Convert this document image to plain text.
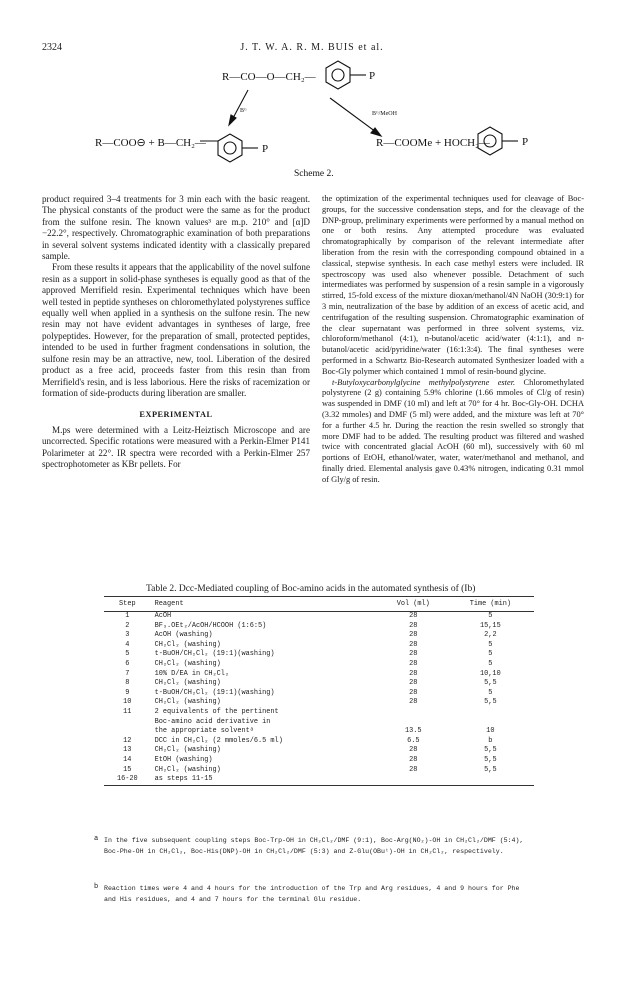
2324	J. T. W. A. R. M. BUIS et al.
R—CO—O—CH₂—	P
Bᴳ	Bᴳ/MeOH
R—COO⊖ + B—CH₂—	P	R—COOMe + HOCH₂—	P
Scheme 2.

product required 3–4 treatments for 3 min each with the basic reagent. The physical constants of the product were the same as for the product from the sulfone resin. The known values³ are m.p. 210° and [α]D −22.2°, respectively. Chromatographic examination of both preparations in several solvent systems indicated identity with a classically prepared sample.

From these results it appears that the applicability of the novel sulfone resin as a support in solid-phase syntheses is equally good as that of the approved Merrifield resin. Experimental techniques which have been well tested in peptide syntheses on chloromethylated polystyrenes suffice equally well when applied in a synthesis on the sulfone resin. The new resin may not have evident advantages in syntheses of large, free polypeptides. However, for the preparation of small, protected peptides, intended to be used in further fragment condensations in solution, the sulfone resin may be an attractive, new, tool. Liberation of the desired product as a free acid, proceeds faster from this resin than from Merrifield's resin, and is less laborious. Here the risks of racemization or formation of side-products during liberation are smaller.

EXPERIMENTAL

M.ps were determined with a Leitz-Heiztisch Microscope and are uncorrected. Specific rotations were measured with a Perkin-Elmer P141 Polarimeter at 22°. IR spectra were recorded with a Perkin-Elmer 257 spectrophotometer as KBr pellets. For

the optimization of the experimental techniques used for cleavage of Boc-groups, for the successive condensation steps, and for the cleavage of the DNP-group, preliminary experiments were performed by a manual method on one or both resins. Any attempted procedure was evaluated chromatographically by comparison of the relevant intermediate after liberation from the resin with the corresponding compound obtained in a classical, stepwise synthesis. In each case methyl esters were included. IR spectroscopy was used also whenever possible. Detachment of such intermediates was performed by suspension of a resin sample in a vigorously stirred, 15-fold excess of the mixture dioxan/methanol/4N NaOH (30:9:1) for 3 min, neutralization of the base by addition of an excess of acetic acid, and centrifugation of the resulting suspension. Chromatographic examination of the clear supernatant was performed in three solvent systems, viz. chloroform/methanol (4:1), n-butanol/acetic acid/water (4:1:1), and n-butanol/acetic acid/pyridine/water (16:1:3:4). The final syntheses were performed in a Schwartz Bio-Research automated Synthesizer loaded with a Boc-Gly polymer which contained 1 mmol of resin-bound glycine.

t-Butyloxycarbonylglycine methylpolystyrene ester. Chloromethylated polystyrene (2 g) containing 5.9% chlorine (1.66 mmoles of Cl/g of resin) was suspended in DMF (10 ml) and left at 70° for 4 hr. Boc-Gly-OH. DCHA (3.32 mmoles) and DMF (5 ml) were added, and the mixture was left at 70° for a further 4.5 hr. During the reaction the resin swelled so strongly that more DMF had to be added. The resulting product was filtered and washed twice with concentrated glacial AcOH (60 ml), successively with 60 ml portions of EtOH, ethanol/water, water, water/methanol and methanol, and finally dried. Elemental analysis gave 0.43% nitrogen, indicating 0.31 mmol of Gly/g of resin.

Table 2. Dcc-Mediated coupling of Boc-amino acids in the automated synthesis of (Ib)
Step	Reagent	Vol (ml)	Time (min)
1	AcOH	28	5
2	BF₃.OEt₂/AcOH/HCOOH (1:6:5)	28	15,15
3	AcOH (washing)	28	2,2
4	CH₂Cl₂ (washing)	28	5
5	t-BuOH/CH₂Cl₂ (19:1)(washing)	28	5
6	CH₂Cl₂ (washing)	28	5
7	10% D/EA in CH₂Cl₂	28	10,10
8	CH₂Cl₂ (washing)	28	5,5
9	t-BuOH/CH₂Cl₂ (19:1)(washing)	28	5
10	CH₂Cl₂ (washing)	28	5,5
11	2 equivalents of the pertinent		
	Boc-amino acid derivative in		
	the appropriate solventᵃ	13.5	10
12	DCC in CH₂Cl₂ (2 mmoles/6.5 ml)	6.5	b
13	CH₂Cl₂ (washing)	28	5,5
14	EtOH (washing)	28	5,5
15	CH₂Cl₂ (washing)	28	5,5
16-20	as steps 11-15		
a In the five subsequent coupling steps Boc-Trp-OH in CH₂Cl₂/DMF (9:1), Boc-Arg(NO₂)-OH in CH₂Cl₂/DMF (5:4), Boc-Phe-OH in CH₂Cl₂, Boc-His(DNP)-OH in CH₂Cl₂/DMF (5:3) and Z-Glu(OBuᵗ)-OH in CH₂Cl₂, respectively.
b Reaction times were 4 and 4 hours for the introduction of the Trp and Arg residues, 4 and 9 hours for Phe and His residues, and 4 and 7 hours for the terminal Glu residue.
